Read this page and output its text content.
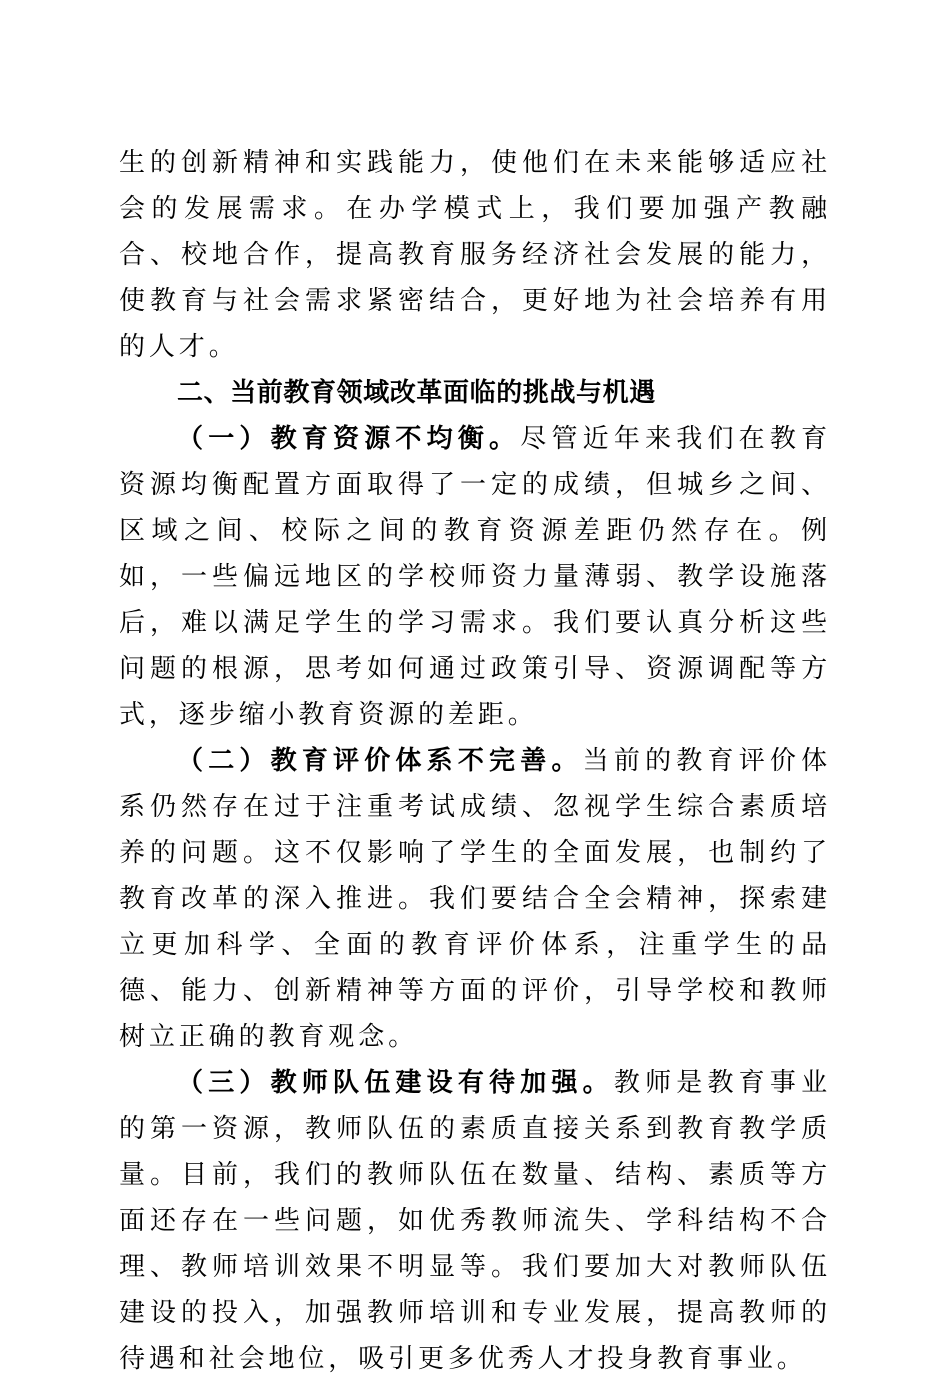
生的创新精神和实践能力，使他们在未来能够适应社会的发展需求。在办学模式上，我们要加强产教融合、校地合作，提高教育服务经济社会发展的能力，使教育与社会需求紧密结合，更好地为社会培养有用的人才。

二、当前教育领域改革面临的挑战与机遇

（一）教育资源不均衡。尽管近年来我们在教育资源均衡配置方面取得了一定的成绩，但城乡之间、区域之间、校际之间的教育资源差距仍然存在。例如，一些偏远地区的学校师资力量薄弱、教学设施落后，难以满足学生的学习需求。我们要认真分析这些问题的根源，思考如何通过政策引导、资源调配等方式，逐步缩小教育资源的差距。

（二）教育评价体系不完善。当前的教育评价体系仍然存在过于注重考试成绩、忽视学生综合素质培养的问题。这不仅影响了学生的全面发展，也制约了教育改革的深入推进。我们要结合全会精神，探索建立更加科学、全面的教育评价体系，注重学生的品德、能力、创新精神等方面的评价，引导学校和教师树立正确的教育观念。

（三）教师队伍建设有待加强。教师是教育事业的第一资源，教师队伍的素质直接关系到教育教学质量。目前，我们的教师队伍在数量、结构、素质等方面还存在一些问题，如优秀教师流失、学科结构不合理、教师培训效果不明显等。我们要加大对教师队伍建设的投入，加强教师培训和专业发展，提高教师的待遇和社会地位，吸引更多优秀人才投身教育事业。
